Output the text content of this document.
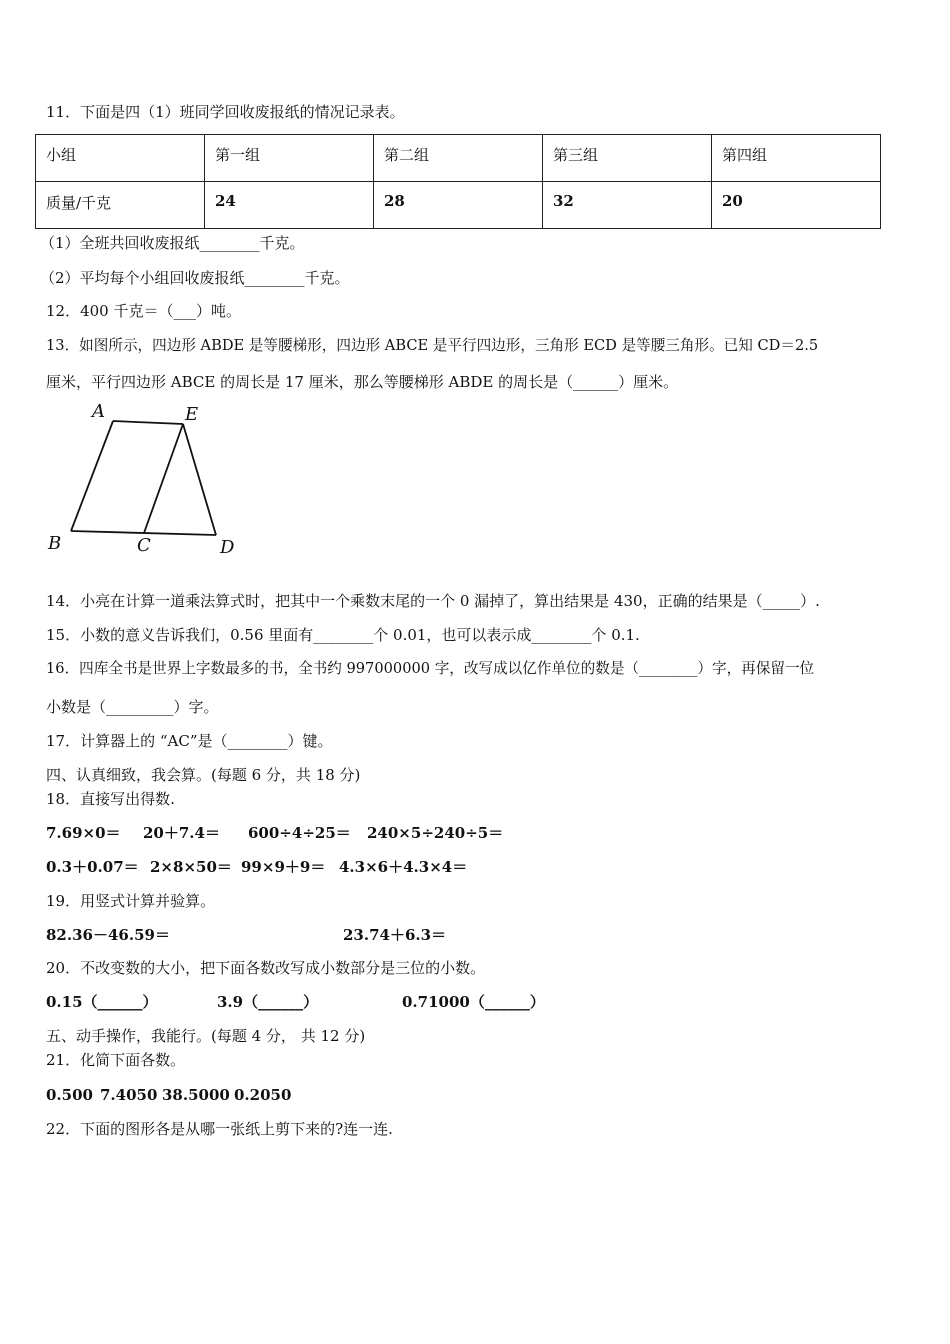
11．下面是四（1）班同学回收废报纸的情况记录表。
小组	第一组	第二组	第三组	第四组

质量/千克	24	28	32	20
（1）全班共回收废报纸________千克。
（2）平均每个小组回收废报纸________千克。
12．400 千克＝（___）吨。
13．如图所示，四边形 ABDE 是等腰梯形，四边形 ABCE 是平行四边形，三角形 ECD 是等腰三角形。已知 CD＝2.5
厘米，平行四边形 ABCE 的周长是 17 厘米，那么等腰梯形 ABDE 的周长是（______）厘米。
A	E
B	C	D
14．小亮在计算一道乘法算式时，把其中一个乘数末尾的一个 0 漏掉了，算出结果是 430，正确的结果是（_____）.
15．小数的意义告诉我们，0.56 里面有________个 0.01，也可以表示成________个 0.1.
16．四库全书是世界上字数最多的书，全书约 997000000 字，改写成以亿作单位的数是（________）字，再保留一位
小数是（_________）字。
17．计算器上的 “AC”是（________）键。
四、认真细致，我会算。(每题 6 分，共 18 分)
18．直接写出得数.
7.69×0＝ 20＋7.4＝ 600÷4÷25＝ 240×5÷240÷5＝
0.3＋0.07＝ 2×8×50＝ 99×9＋9＝ 4.3×6＋4.3×4＝
19．用竖式计算并验算。
82.36－46.59＝	23.74＋6.3＝
20．不改变数的大小，把下面各数改写成小数部分是三位的小数。
0.15（______）	3.9（______）	0.71000（______）
五、动手操作，我能行。(每题 4 分， 共 12 分)
21．化简下面各数。
0.500 7.4050 38.5000 0.2050
22．下面的图形各是从哪一张纸上剪下来的?连一连.
